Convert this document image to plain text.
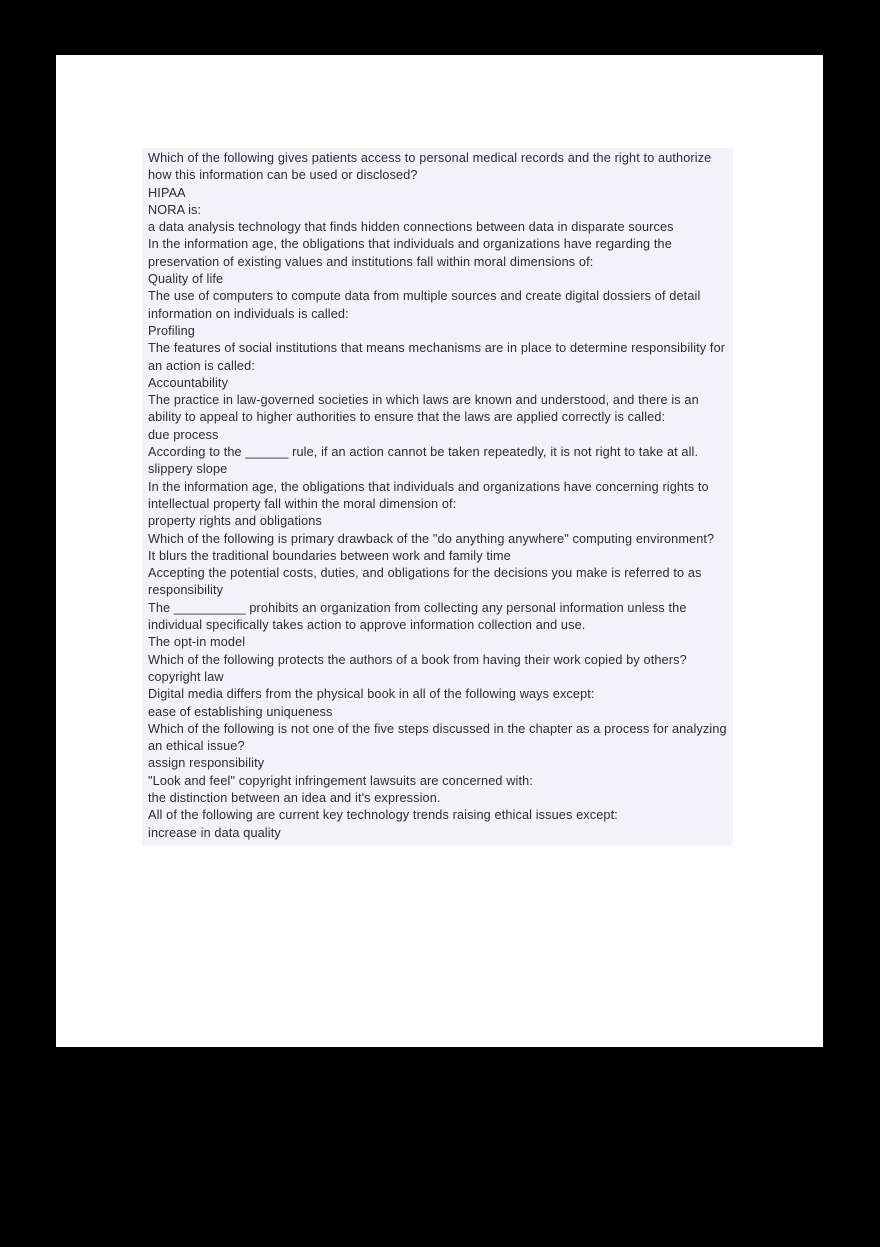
Which of the following gives patients access to personal medical records and the right to authorize how this information can be used or disclosed?
HIPAA
NORA is:
a data analysis technology that finds hidden connections between data in disparate sources
In the information age, the obligations that individuals and organizations have regarding the preservation of existing values and institutions fall within moral dimensions of:
Quality of life
The use of computers to compute data from multiple sources and create digital dossiers of detail information on individuals is called:
Profiling
The features of social institutions that means mechanisms are in place to determine responsibility for an action is called:
Accountability
The practice in law-governed societies in which laws are known and understood, and there is an ability to appeal to higher authorities to ensure that the laws are applied correctly is called:
due process
According to the ______ rule, if an action cannot be taken repeatedly, it is not right to take at all.
slippery slope
In the information age, the obligations that individuals and organizations have concerning rights to intellectual property fall within the moral dimension of:
property rights and obligations
Which of the following is primary drawback of the "do anything anywhere" computing environment?
It blurs the traditional boundaries between work and family time
Accepting the potential costs, duties, and obligations for the decisions you make is referred to as
responsibility
The __________ prohibits an organization from collecting any personal information unless the individual specifically takes action to approve information collection and use.
The opt-in model
Which of the following protects the authors of a book from having their work copied by others?
copyright law
Digital media differs from the physical book in all of the following ways except:
ease of establishing uniqueness
Which of the following is not one of the five steps discussed in the chapter as a process for analyzing an ethical issue?
assign responsibility
"Look and feel" copyright infringement lawsuits are concerned with:
the distinction between an idea and it's expression.
All of the following are current key technology trends raising ethical issues except:
increase in data quality
